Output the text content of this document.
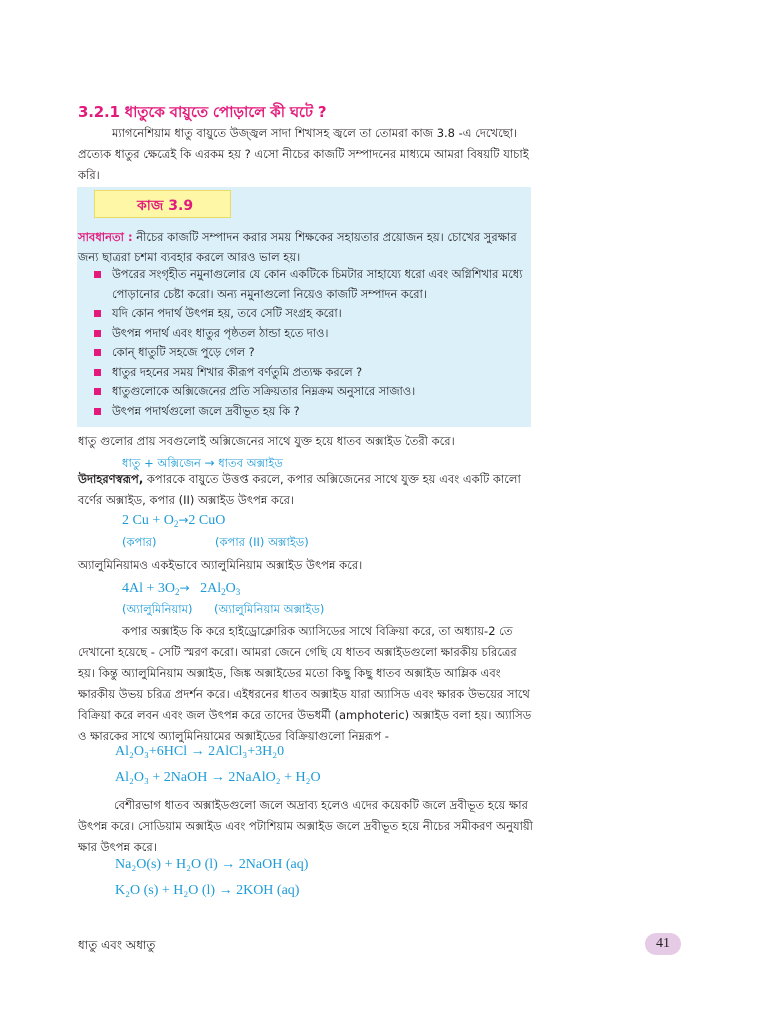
3.2.1 ধাতুকে বায়ুতে পোড়ালে কী ঘটে ?
ম্যাগনেশিয়াম ধাতু বায়ুতে উজ্জ্বল সাদা শিখাসহ জ্বলে তা তোমরা কাজ 3.8 -এ দেখেছো। প্রত্যেক ধাতুর ক্ষেত্রেই কি এরকম হয় ? এসো নীচের কাজটি সম্পাদনের মাধ্যমে আমরা বিষয়টি যাচাই করি।
কাজ 3.9
সাবধানতা : নীচের কাজটি সম্পাদন করার সময় শিক্ষকের সহায়তার প্রয়োজন হয়। চোখের সুরক্ষার জন্য ছাত্ররা চশমা ব্যবহার করলে আরও ভাল হয়।
উপরের সংগৃহীত নমুনাগুলোর যে কোন একটিকে চিমটার সাহায্যে ধরো এবং অগ্নিশিখার মধ্যে পোড়ানোর চেষ্টা করো। অন্য নমুনাগুলো নিয়েও কাজটি সম্পাদন করো।
যদি কোন পদার্থ উৎপন্ন হয়, তবে সেটি সংগ্রহ করো।
উৎপন্ন পদার্থ এবং ধাতুর পৃষ্ঠতল ঠান্ডা হতে দাও।
কোন্ ধাতুটি সহজে পুড়ে গেল ?
ধাতুর দহনের সময় শিখার কীরূপ বর্ণতুমি প্রত্যক্ষ করলে ?
ধাতুগুলোকে অক্সিজেনের প্রতি সক্রিয়তার নিম্নক্রম অনুসারে সাজাও।
উৎপন্ন পদার্থগুলো জলে দ্রবীভূত হয় কি ?
ধাতু গুলোর প্রায় সবগুলোই অক্সিজেনের সাথে যুক্ত হয়ে ধাতব অক্সাইড তৈরী করে।
ধাতু + অক্সিজেন → ধাতব অক্সাইড
উদাহরণস্বরূপ, কপারকে বায়ুতে উত্তপ্ত করলে, কপার অক্সিজেনের সাথে যুক্ত হয় এবং একটি কালো বর্ণের অক্সাইড, কপার (II) অক্সাইড উৎপন্ন করে।
2 $Cu + O_2\to 2$ CuO
(কপার)	(কপার (II) অক্সাইড)
অ্যালুমিনিয়ামও একইভাবে অ্যালুমিনিয়াম অক্সাইড উৎপন্ন করে।
$4Al + 3O_2\to 2Al_2O_3$
(অ্যালুমিনিয়াম) (অ্যালুমিনিয়াম অক্সাইড)
কপার অক্সাইড কি করে হাইড্রোক্লোরিক অ্যাসিডের সাথে বিক্রিয়া করে, তা অধ্যায়-2 তে দেখানো হয়েছে - সেটি স্মরণ করো। আমরা জেনে গেছি যে ধাতব অক্সাইডগুলো ক্ষারকীয় চরিত্রের হয়। কিন্তু অ্যালুমিনিয়াম অক্সাইড, জিঙ্ক অক্সাইডের মতো কিছু কিছু ধাতব অক্সাইড আম্লিক এবং ক্ষারকীয় উভয় চরিত্র প্রদর্শন করে। এইধরনের ধাতব অক্সাইড যারা অ্যাসিড এবং ক্ষারক উভয়ের সাথে বিক্রিয়া করে লবন এবং জল উৎপন্ন করে তাদের উভধর্মী (amphoteric) অক্সাইড বলা হয়। অ্যাসিড ও ক্ষারকের সাথে অ্যালুমিনিয়ামের অক্সাইডের বিক্রিয়াগুলো নিম্নরূপ -
Al₂O₃+6HCl → 2AlCl₃+3H₂0
Al₂O₃ + 2NaOH → 2NaAlO₂ + H₂O
বেশীরভাগ ধাতব অক্সাইডগুলো জলে অদ্রাব্য হলেও এদের কয়েকটি জলে দ্রবীভূত হয়ে ক্ষার উৎপন্ন করে। সোডিয়াম অক্সাইড এবং পটাশিয়াম অক্সাইড জলে দ্রবীভূত হয়ে নীচের সমীকরণ অনুযায়ী ক্ষার উৎপন্ন করে।
Na₂O(s) + H₂O (l) → 2NaOH (aq)
K₂O (s) + H₂O (l) → 2KOH (aq)
ধাতু এবং অধাতু	41
